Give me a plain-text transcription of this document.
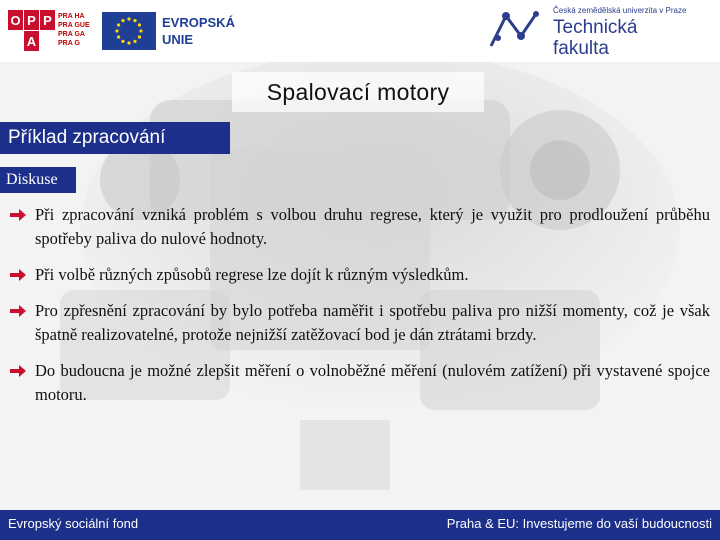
O P P
A
PRA HA
PRA GUE
PRA GA
PRA G
EVROPSKÁ
UNIE
Česká zemědělská univerzita v Praze
Technická
fakulta
Spalovací motory
Příklad zpracování
Diskuse
Při zpracování vzniká problém s volbou druhu regrese, který je využit pro prodloužení průběhu spotřeby paliva do nulové hodnoty.
Při volbě různých způsobů regrese lze dojít k různým výsledkům.
Pro zpřesnění zpracování by bylo potřeba naměřit i spotřebu paliva pro nižší momenty, což je však špatně realizovatelné, protože nejnižší zatěžovací bod je dán ztrátami brzdy.
Do budoucna je možné zlepšit měření o volnoběžné měření (nulovém zatížení) při vystavené spojce motoru.
Evropský sociální fond	Praha & EU: Investujeme do vaší budoucnosti
